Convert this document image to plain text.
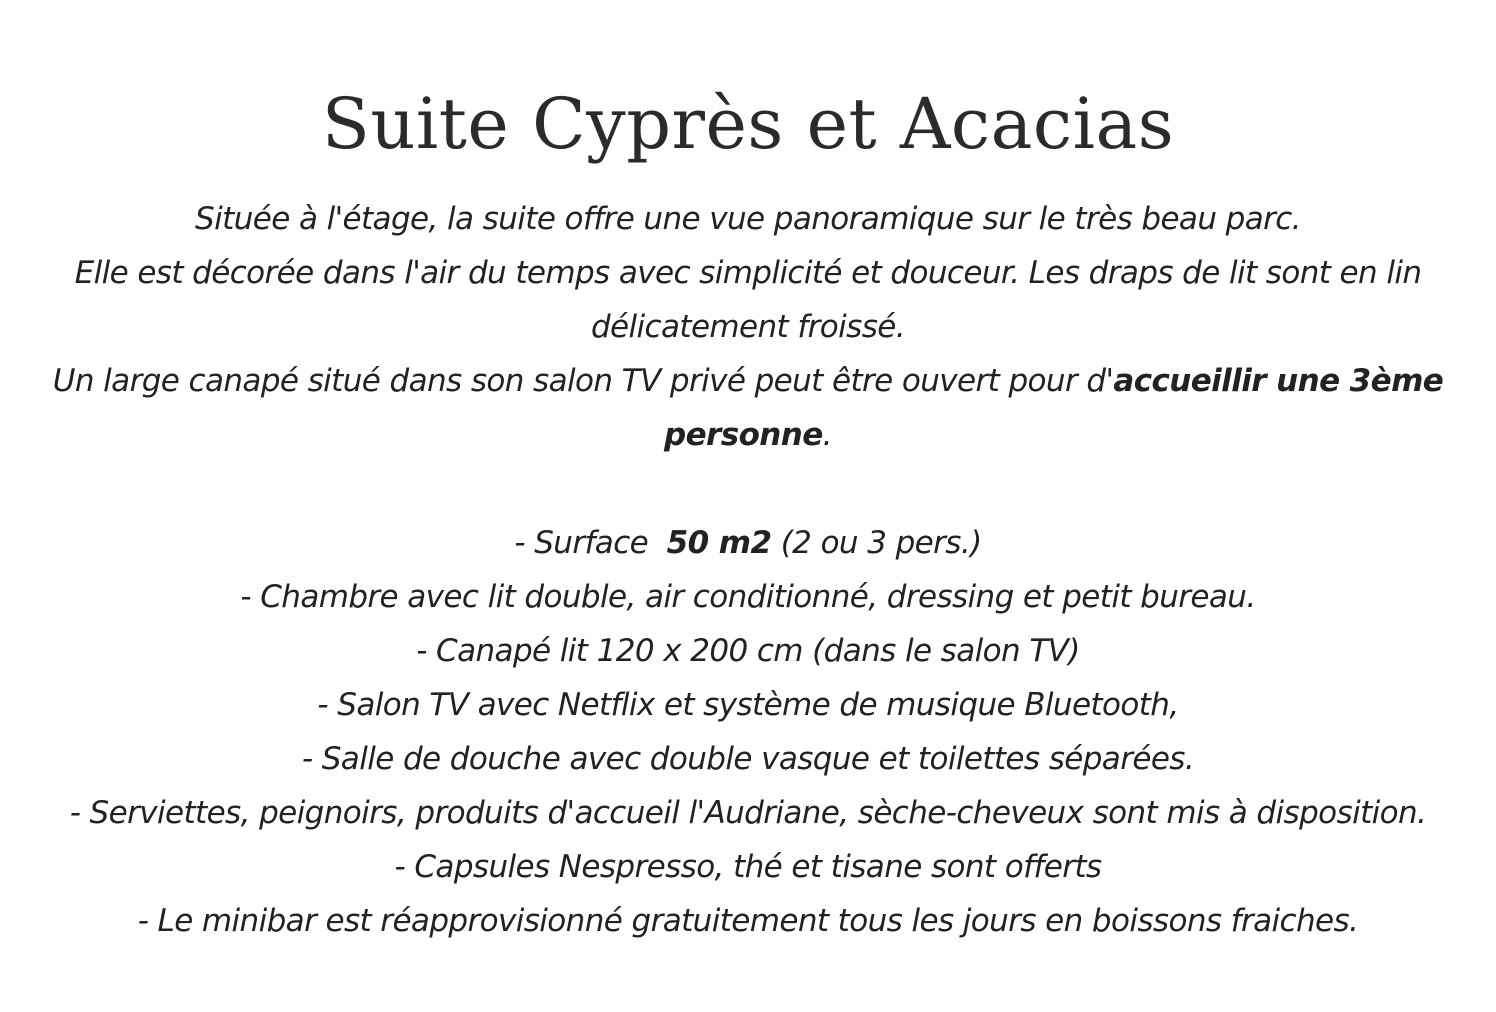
Suite Cyprès et Acacias
Située à l'étage, la suite offre une vue panoramique sur le très beau parc.
Elle est décorée dans l'air du temps avec simplicité et douceur. Les draps de lit sont en lin
délicatement froissé.
Un large canapé situé dans son salon TV privé peut être ouvert pour d'accueillir une 3ème
personne.
- Surface  50 m2 (2 ou 3 pers.)
- Chambre avec lit double, air conditionné, dressing et petit bureau.
- Canapé lit 120 x 200 cm (dans le salon TV)
- Salon TV avec Netflix et système de musique Bluetooth,
- Salle de douche avec double vasque et toilettes séparées.
- Serviettes, peignoirs, produits d'accueil l'Audriane, sèche-cheveux sont mis à disposition.
- Capsules Nespresso, thé et tisane sont offerts
- Le minibar est réapprovisionné gratuitement tous les jours en boissons fraiches.
